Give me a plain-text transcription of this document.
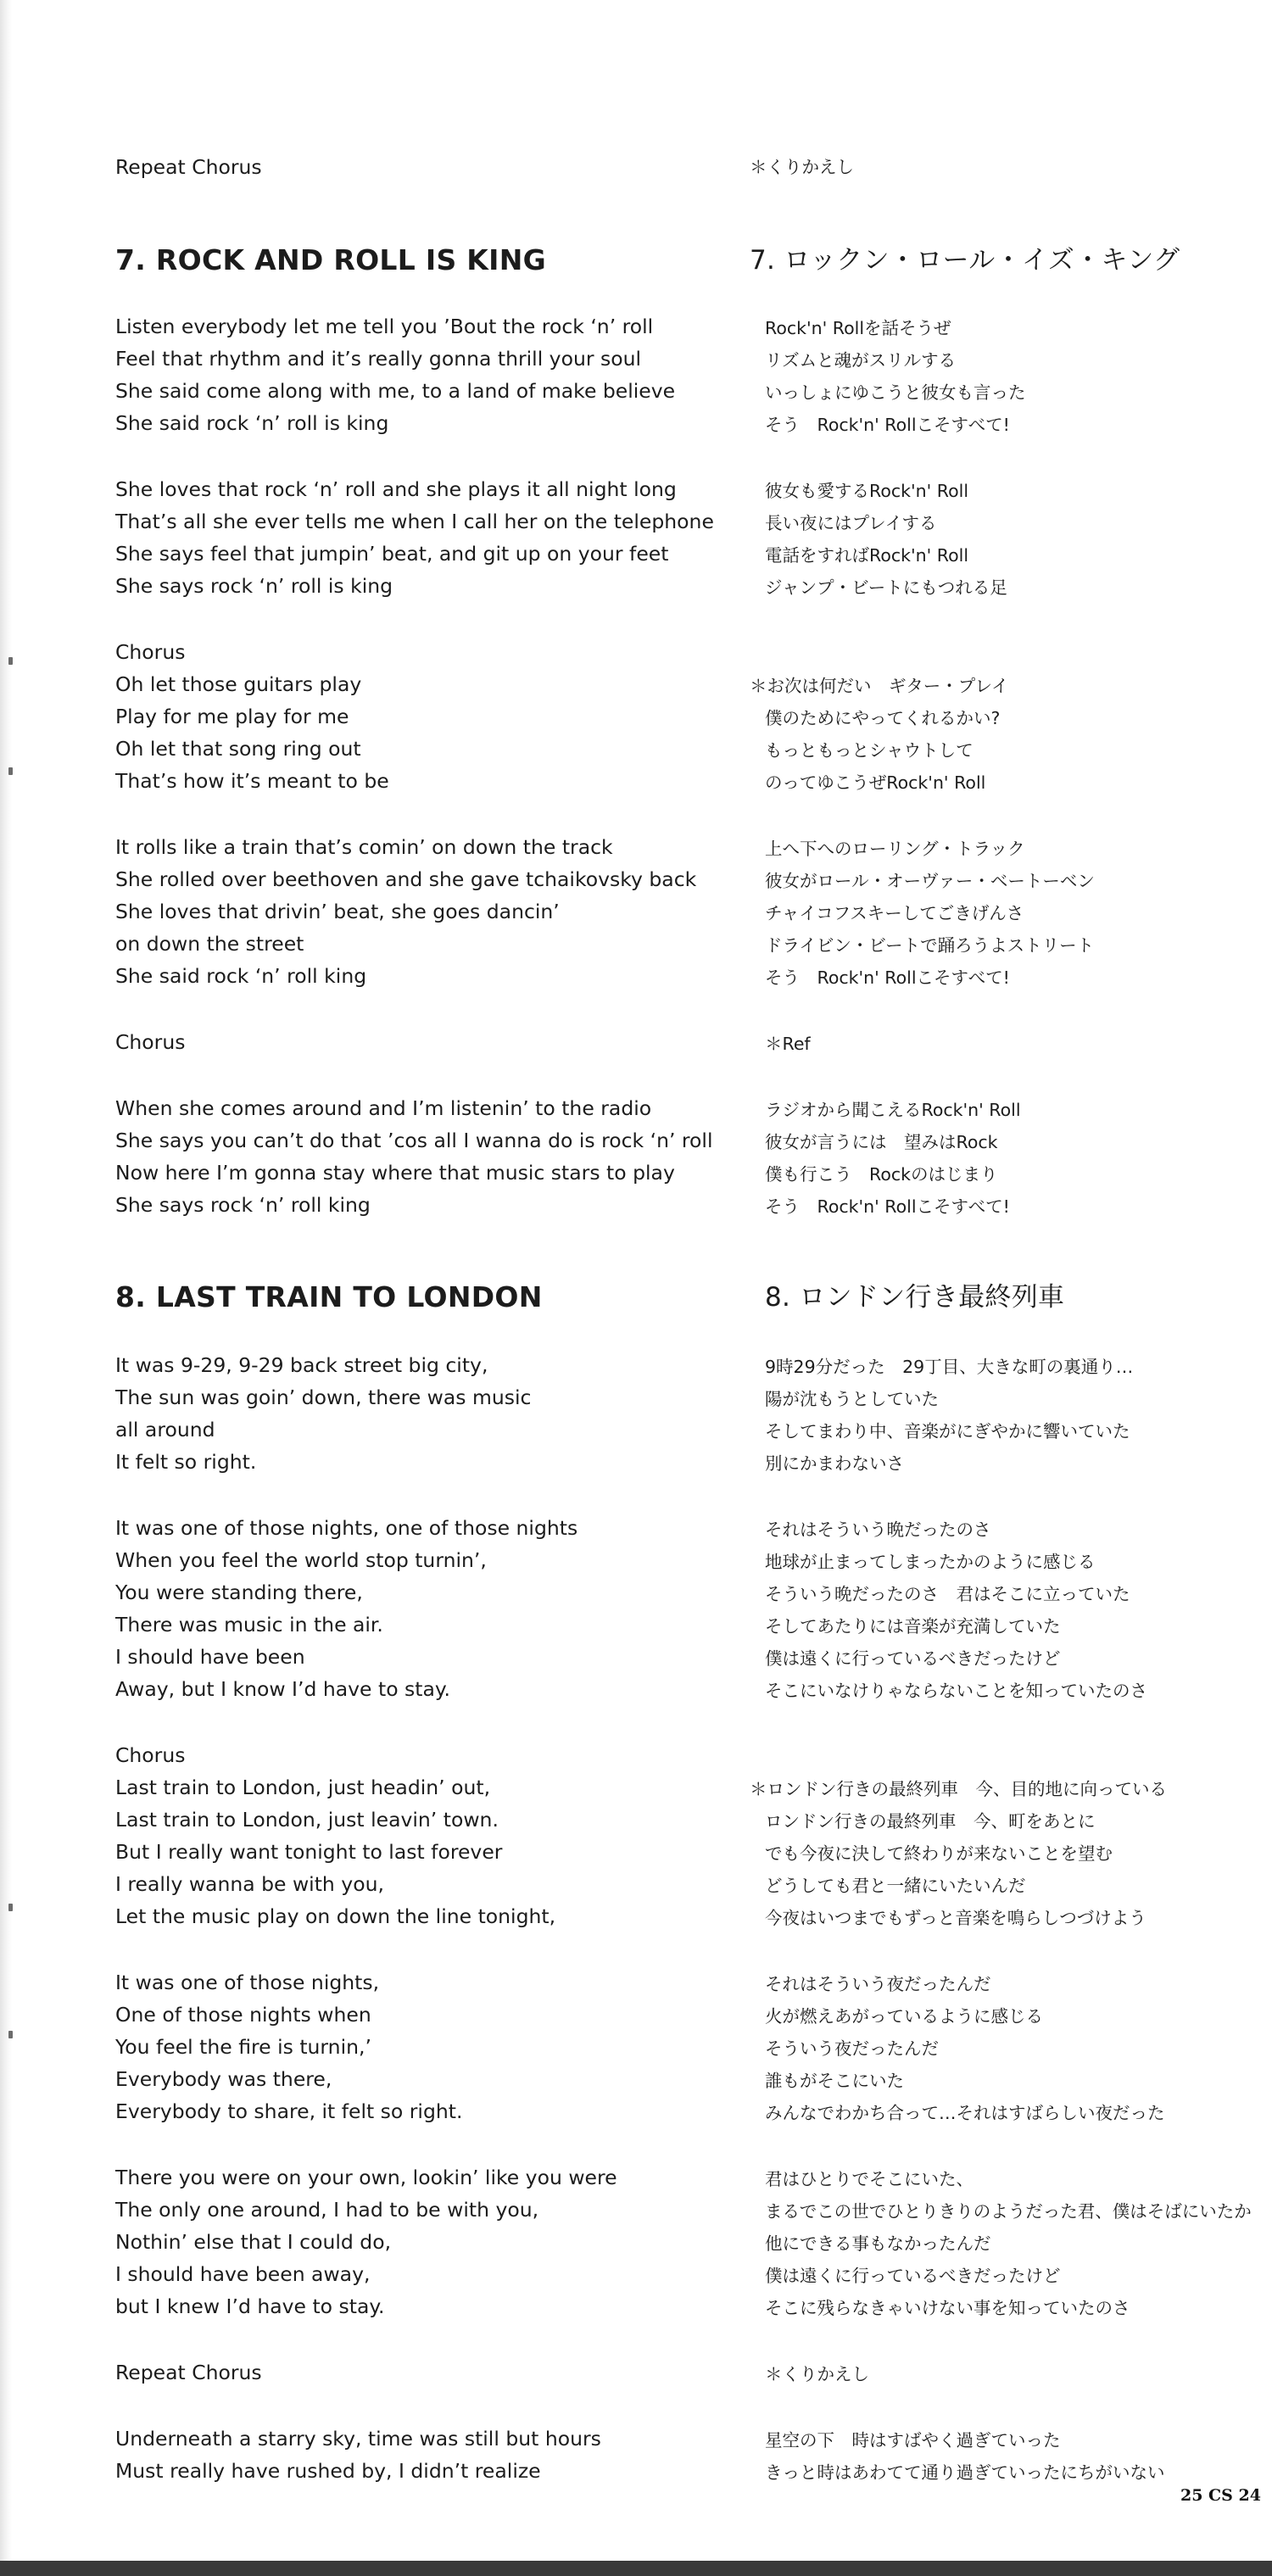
Repeat Chorus
7. ROCK AND ROLL IS KING
Listen everybody let me tell you ’Bout the rock ‘n’ roll
Feel that rhythm and it’s really gonna thrill your soul
She said come along with me, to a land of make believe
She said rock ‘n’ roll is king
She loves that rock ‘n’ roll and she plays it all night long
That’s all she ever tells me when I call her on the telephone
She says feel that jumpin’ beat, and git up on your feet
She says rock ‘n’ roll is king
Chorus
Oh let those guitars play
Play for me play for me
Oh let that song ring out
That’s how it’s meant to be
It rolls like a train that’s comin’ on down the track
She rolled over beethoven and she gave tchaikovsky back
She loves that drivin’ beat, she goes dancin’
on down the street
She said rock ‘n’ roll king
Chorus
When she comes around and I’m listenin’ to the radio
She says you can’t do that ’cos all I wanna do is rock ‘n’ roll
Now here I’m gonna stay where that music stars to play
She says rock ‘n’ roll king
8. LAST TRAIN TO LONDON
It was 9-29, 9-29 back street big city,
The sun was goin’ down, there was music
all around
It felt so right.
It was one of those nights, one of those nights
When you feel the world stop turnin’,
You were standing there,
There was music in the air.
I should have been
Away, but I know I’d have to stay.
Chorus
Last train to London, just headin’ out,
Last train to London, just leavin’ town.
But I really want tonight to last forever
I really wanna be with you,
Let the music play on down the line tonight,
It was one of those nights,
One of those nights when
You feel the fire is turnin,’
Everybody was there,
Everybody to share, it felt so right.
There you were on your own, lookin’ like you were
The only one around, I had to be with you,
Nothin’ else that I could do,
I should have been away,
but I knew I’d have to stay.
Repeat Chorus
Underneath a starry sky, time was still but hours
Must really have rushed by, I didn’t realize
＊くりかえし
7. ロックン・ロール・イズ・キング
Rock'n' Rollを話そうぜ
リズムと魂がスリルする
いっしょにゆこうと彼女も言った
そう　Rock'n' Rollこそすべて!
彼女も愛するRock'n' Roll
長い夜にはプレイする
電話をすればRock'n' Roll
ジャンプ・ビートにもつれる足
＊お次は何だい　ギター・プレイ
僕のためにやってくれるかい?
もっともっとシャウトして
のってゆこうぜRock'n' Roll
上へ下へのローリング・トラック
彼女がロール・オーヴァー・ベートーベン
チャイコフスキーしてごきげんさ
ドライビン・ビートで踊ろうよストリート
そう　Rock'n' Rollこそすべて!
＊Ref
ラジオから聞こえるRock'n' Roll
彼女が言うには　望みはRock
僕も行こう　Rockのはじまり
そう　Rock'n' Rollこそすべて!
8. ロンドン行き最終列車
9時29分だった　29丁目、大きな町の裏通り…
陽が沈もうとしていた
そしてまわり中、音楽がにぎやかに響いていた
別にかまわないさ
それはそういう晩だったのさ
地球が止まってしまったかのように感じる
そういう晩だったのさ　君はそこに立っていた
そしてあたりには音楽が充満していた
僕は遠くに行っているべきだったけど
そこにいなけりゃならないことを知っていたのさ
＊ロンドン行きの最終列車　今、目的地に向っている
ロンドン行きの最終列車　今、町をあとに
でも今夜に決して終わりが来ないことを望む
どうしても君と一緒にいたいんだ
今夜はいつまでもずっと音楽を鳴らしつづけよう
それはそういう夜だったんだ
火が燃えあがっているように感じる
そういう夜だったんだ
誰もがそこにいた
みんなでわかち合って…それはすばらしい夜だった
君はひとりでそこにいた、
まるでこの世でひとりきりのようだった君、僕はそばにいたか
他にできる事もなかったんだ
僕は遠くに行っているべきだったけど
そこに残らなきゃいけない事を知っていたのさ
＊くりかえし
星空の下　時はすばやく過ぎていった
きっと時はあわてて通り過ぎていったにちがいない
25 CS 24
